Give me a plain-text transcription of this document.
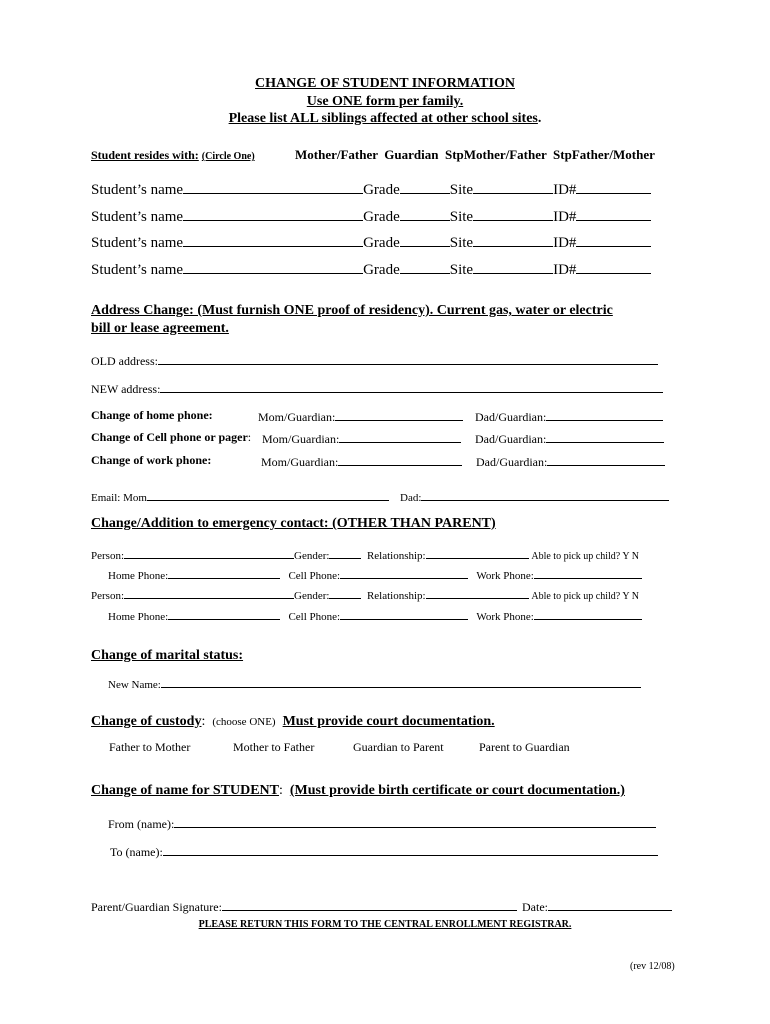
CHANGE OF STUDENT INFORMATION
Use ONE form per family.
Please list ALL siblings affected at other school sites.
Student resides with: (Circle One)	Mother/Father  Guardian  StpMother/Father  StpFather/Mother
Student’s name	Grade	Site	ID#
Student’s name	Grade	Site	ID#
Student’s name	Grade	Site	ID#
Student’s name	Grade	Site	ID#
Address Change: (Must furnish ONE proof of residency). Current gas, water or electric
bill or lease agreement.
OLD address:
NEW address:
Change of home phone:	Mom/Guardian:	Dad/Guardian:
Change of Cell phone or pager: Mom/Guardian:	Dad/Guardian:
Change of work phone:	Mom/Guardian:	Dad/Guardian:
Email: Mom	Dad:
Change/Addition to emergency contact: (OTHER THAN PARENT)
Person:	Gender:	Relationship:	Able to pick up child? Y N
Home Phone:	Cell Phone:	Work Phone:
Person:	Gender:	Relationship:	Able to pick up child? Y N
Home Phone:	Cell Phone:	Work Phone:
Change of marital status:
New Name:
Change of custody: (choose ONE) Must provide court documentation.
Father to Mother	Mother to Father	Guardian to Parent	Parent to Guardian
Change of name for STUDENT: (Must provide birth certificate or court documentation.)
From (name):
To (name):
Parent/Guardian Signature:	Date:
PLEASE RETURN THIS FORM TO THE CENTRAL ENROLLMENT REGISTRAR.
(rev 12/08)
